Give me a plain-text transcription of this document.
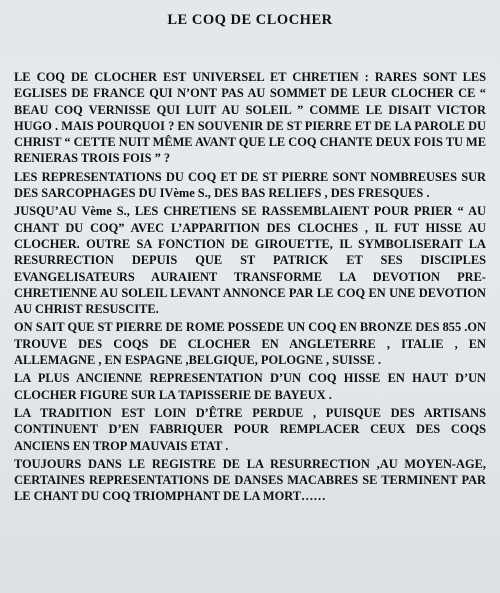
LE COQ DE CLOCHER

LE COQ DE CLOCHER EST UNIVERSEL ET CHRETIEN : RARES SONT LES EGLISES DE FRANCE QUI N’ONT PAS AU SOMMET DE LEUR CLOCHER CE “ BEAU COQ VERNISSE QUI LUIT AU SOLEIL ” COMME LE DISAIT VICTOR HUGO . MAIS POURQUOI ? EN SOUVENIR DE ST PIERRE ET DE LA PAROLE DU CHRIST “ CETTE NUIT MÊME AVANT QUE LE COQ CHANTE DEUX FOIS TU ME RENIERAS TROIS FOIS ” ?

LES REPRESENTATIONS DU COQ ET DE ST PIERRE SONT NOMBREUSES SUR DES SARCOPHAGES DU IVème S., DES BAS RELIEFS , DES FRESQUES .

JUSQU’AU Vème S., LES CHRETIENS SE RASSEMBLAIENT POUR PRIER “ AU CHANT DU COQ” AVEC L’APPARITION DES CLOCHES , IL FUT HISSE AU CLOCHER. OUTRE SA FONCTION DE GIROUETTE, IL SYMBOLISERAIT LA RESURRECTION DEPUIS QUE ST PATRICK ET SES DISCIPLES EVANGELISATEURS AURAIENT TRANSFORME LA DEVOTION PRE-CHRETIENNE AU SOLEIL LEVANT ANNONCE PAR LE COQ EN UNE DEVOTION AU CHRIST RESUSCITE.

ON SAIT QUE ST PIERRE DE ROME POSSEDE UN COQ EN BRONZE DES 855 .ON TROUVE DES COQS DE CLOCHER EN ANGLETERRE , ITALIE , EN ALLEMAGNE , EN ESPAGNE ,BELGIQUE, POLOGNE , SUISSE .

LA PLUS ANCIENNE REPRESENTATION D’UN COQ HISSE EN HAUT D’UN CLOCHER FIGURE SUR LA TAPISSERIE DE BAYEUX .

LA TRADITION EST LOIN D’ÊTRE PERDUE , PUISQUE DES ARTISANS CONTINUENT D’EN FABRIQUER POUR REMPLACER CEUX DES COQS ANCIENS EN TROP MAUVAIS ETAT .

TOUJOURS DANS LE REGISTRE DE LA RESURRECTION ,AU MOYEN-AGE, CERTAINES REPRESENTATIONS DE DANSES MACABRES SE TERMINENT PAR LE CHANT DU COQ TRIOMPHANT DE LA MORT……
